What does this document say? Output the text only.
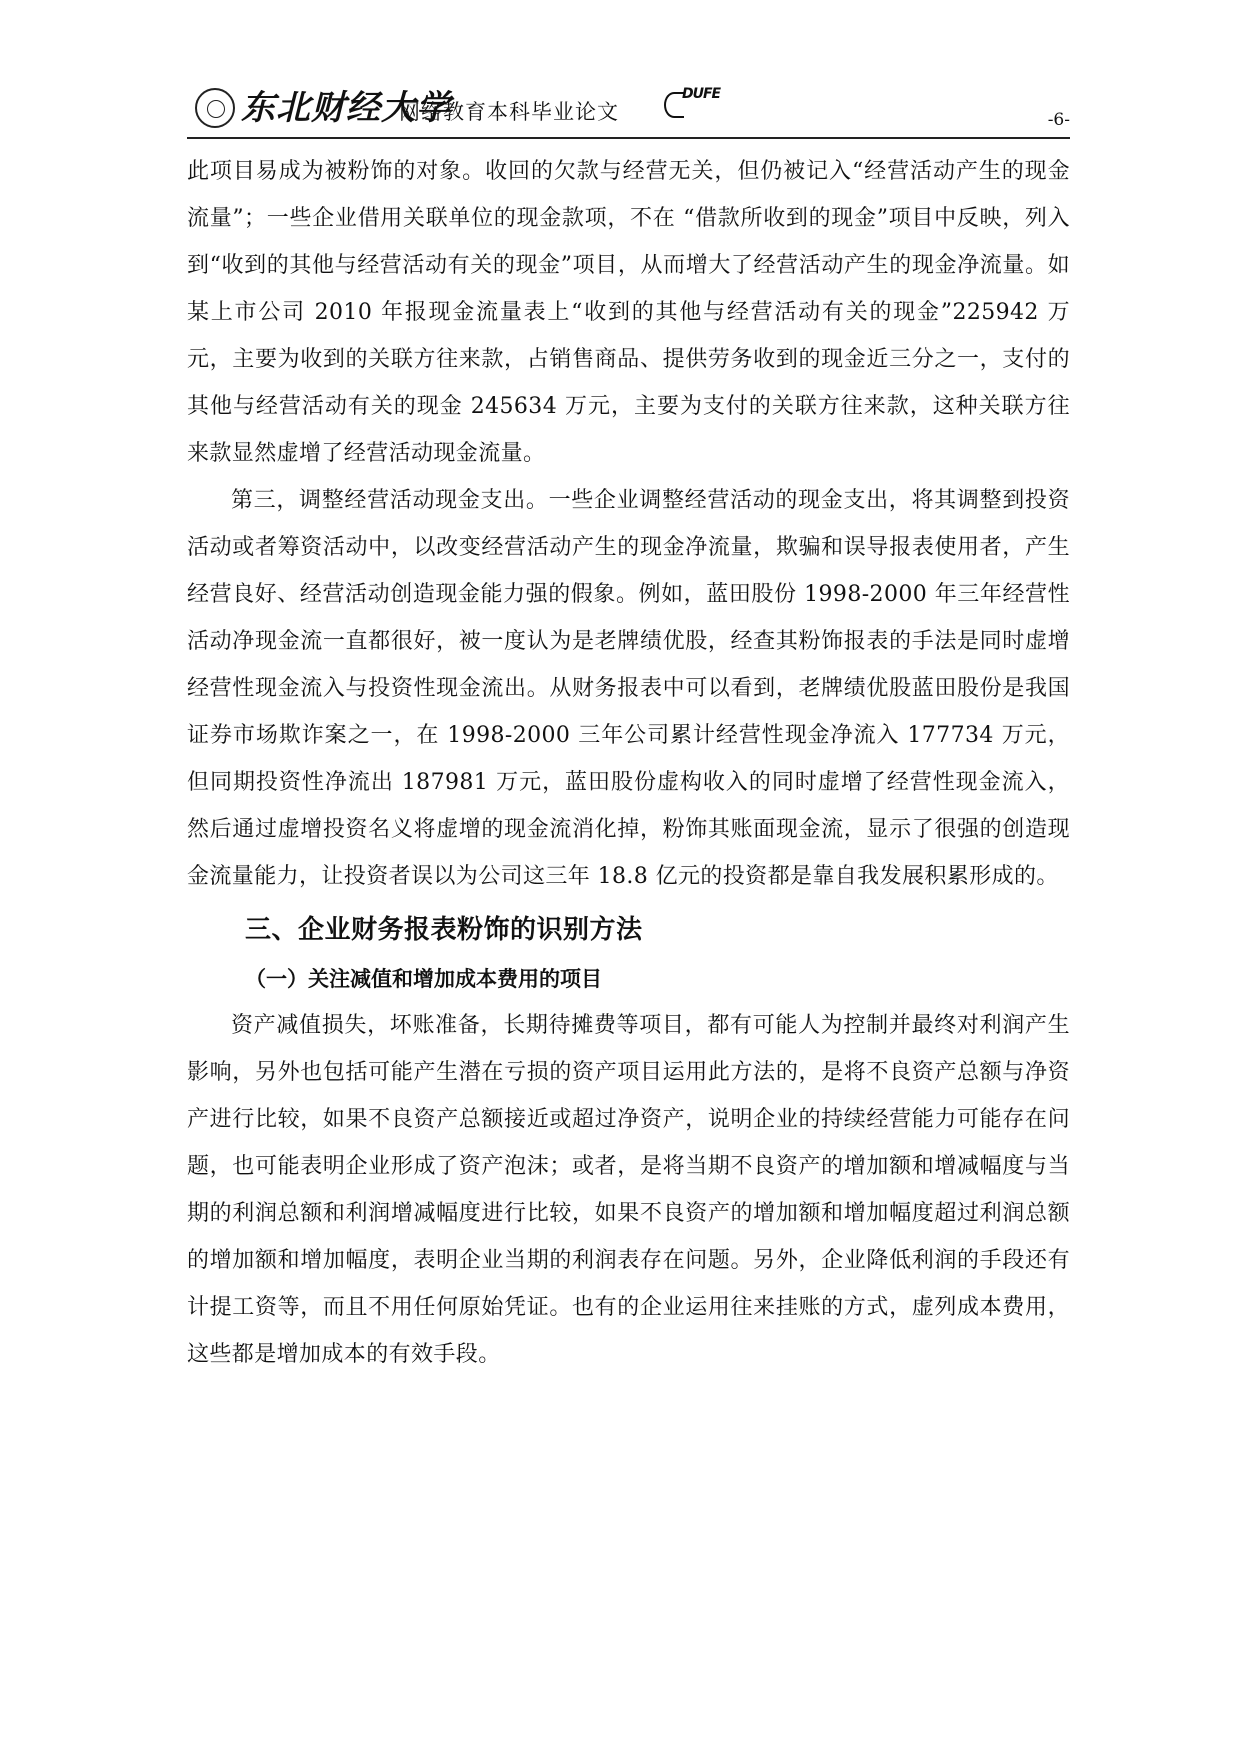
东北财经大学
网络教育本科毕业论文
DUFE
-6-

此项目易成为被粉饰的对象。收回的欠款与经营无关，但仍被记入“经营活动产生的现金流量”；一些企业借用关联单位的现金款项，不在 “借款所收到的现金”项目中反映，列入到“收到的其他与经营活动有关的现金”项目，从而增大了经营活动产生的现金净流量。如某上市公司 2010 年报现金流量表上“收到的其他与经营活动有关的现金”225942 万元，主要为收到的关联方往来款，占销售商品、提供劳务收到的现金近三分之一，支付的其他与经营活动有关的现金 245634 万元，主要为支付的关联方往来款，这种关联方往来款显然虚增了经营活动现金流量。

第三，调整经营活动现金支出。一些企业调整经营活动的现金支出，将其调整到投资活动或者筹资活动中，以改变经营活动产生的现金净流量，欺骗和误导报表使用者，产生经营良好、经营活动创造现金能力强的假象。例如，蓝田股份 1998-2000 年三年经营性活动净现金流一直都很好，被一度认为是老牌绩优股，经查其粉饰报表的手法是同时虚增经营性现金流入与投资性现金流出。从财务报表中可以看到，老牌绩优股蓝田股份是我国证券市场欺诈案之一，在 1998-2000 三年公司累计经营性现金净流入 177734 万元，但同期投资性净流出 187981 万元，蓝田股份虚构收入的同时虚增了经营性现金流入，然后通过虚增投资名义将虚增的现金流消化掉，粉饰其账面现金流，显示了很强的创造现金流量能力，让投资者误以为公司这三年 18.8 亿元的投资都是靠自我发展积累形成的。

三、企业财务报表粉饰的识别方法
（一）关注减值和增加成本费用的项目

资产减值损失，坏账准备，长期待摊费等项目，都有可能人为控制并最终对利润产生影响，另外也包括可能产生潜在亏损的资产项目运用此方法的，是将不良资产总额与净资产进行比较，如果不良资产总额接近或超过净资产，说明企业的持续经营能力可能存在问题，也可能表明企业形成了资产泡沫；或者，是将当期不良资产的增加额和增减幅度与当期的利润总额和利润增减幅度进行比较，如果不良资产的增加额和增加幅度超过利润总额的增加额和增加幅度，表明企业当期的利润表存在问题。另外，企业降低利润的手段还有计提工资等，而且不用任何原始凭证。也有的企业运用往来挂账的方式，虚列成本费用，这些都是增加成本的有效手段。
